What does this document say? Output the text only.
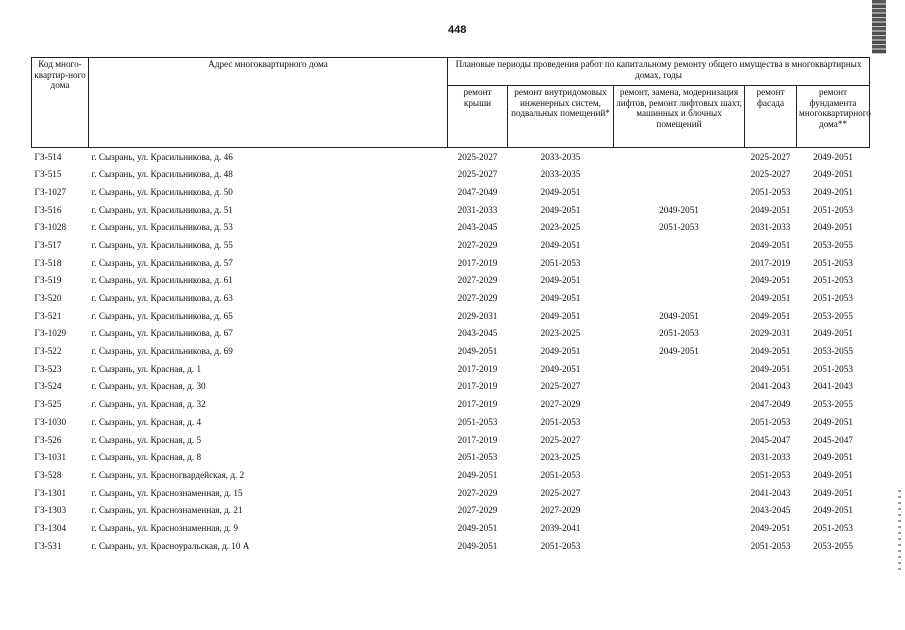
448
Код много-квартир-ного дома	Адрес многоквартирного дома	Плановые периоды проведения работ по капитальному ремонту общего имущества в многоквартирных домах, годы				
		ремонт крыши	ремонт внутридомовых инженерных систем, подвальных помещений*	ремонт, замена, модернизация лифтов, ремонт лифтовых шахт, машинных и блочных помещений	ремонт фасада	ремонт фундамента многоквартирного дома**
ГЗ-514	г. Сызрань, ул. Красильникова, д. 46	2025-2027	2033-2035		2025-2027	2049-2051
ГЗ-515	г. Сызрань, ул. Красильникова, д. 48	2025-2027	2033-2035		2025-2027	2049-2051
ГЗ-1027	г. Сызрань, ул. Красильникова, д. 50	2047-2049	2049-2051		2051-2053	2049-2051
ГЗ-516	г. Сызрань, ул. Красильникова, д. 51	2031-2033	2049-2051	2049-2051	2049-2051	2051-2053
ГЗ-1028	г. Сызрань, ул. Красильникова, д. 53	2043-2045	2023-2025	2051-2053	2031-2033	2049-2051
ГЗ-517	г. Сызрань, ул. Красильникова, д. 55	2027-2029	2049-2051		2049-2051	2053-2055
ГЗ-518	г. Сызрань, ул. Красильникова, д. 57	2017-2019	2051-2053		2017-2019	2051-2053
ГЗ-519	г. Сызрань, ул. Красильникова, д. 61	2027-2029	2049-2051		2049-2051	2051-2053
ГЗ-520	г. Сызрань, ул. Красильникова, д. 63	2027-2029	2049-2051		2049-2051	2051-2053
ГЗ-521	г. Сызрань, ул. Красильникова, д. 65	2029-2031	2049-2051	2049-2051	2049-2051	2053-2055
ГЗ-1029	г. Сызрань, ул. Красильникова, д. 67	2043-2045	2023-2025	2051-2053	2029-2031	2049-2051
ГЗ-522	г. Сызрань, ул. Красильникова, д. 69	2049-2051	2049-2051	2049-2051	2049-2051	2053-2055
ГЗ-523	г. Сызрань, ул. Красная, д. 1	2017-2019	2049-2051		2049-2051	2051-2053
ГЗ-524	г. Сызрань, ул. Красная, д. 30	2017-2019	2025-2027		2041-2043	2041-2043
ГЗ-525	г. Сызрань, ул. Красная, д. 32	2017-2019	2027-2029		2047-2049	2053-2055
ГЗ-1030	г. Сызрань, ул. Красная, д. 4	2051-2053	2051-2053		2051-2053	2049-2051
ГЗ-526	г. Сызрань, ул. Красная, д. 5	2017-2019	2025-2027		2045-2047	2045-2047
ГЗ-1031	г. Сызрань, ул. Красная, д. 8	2051-2053	2023-2025		2031-2033	2049-2051
ГЗ-528	г. Сызрань, ул. Красногвардейская, д. 2	2049-2051	2051-2053		2051-2053	2049-2051
ГЗ-1301	г. Сызрань, ул. Краснознаменная, д. 15	2027-2029	2025-2027		2041-2043	2049-2051
ГЗ-1303	г. Сызрань, ул. Краснознаменная, д. 21	2027-2029	2027-2029		2043-2045	2049-2051
ГЗ-1304	г. Сызрань, ул. Краснознаменная, д. 9	2049-2051	2039-2041		2049-2051	2051-2053
ГЗ-531	г. Сызрань, ул. Красноуральская, д. 10 А	2049-2051	2051-2053		2051-2053	2053-2055
